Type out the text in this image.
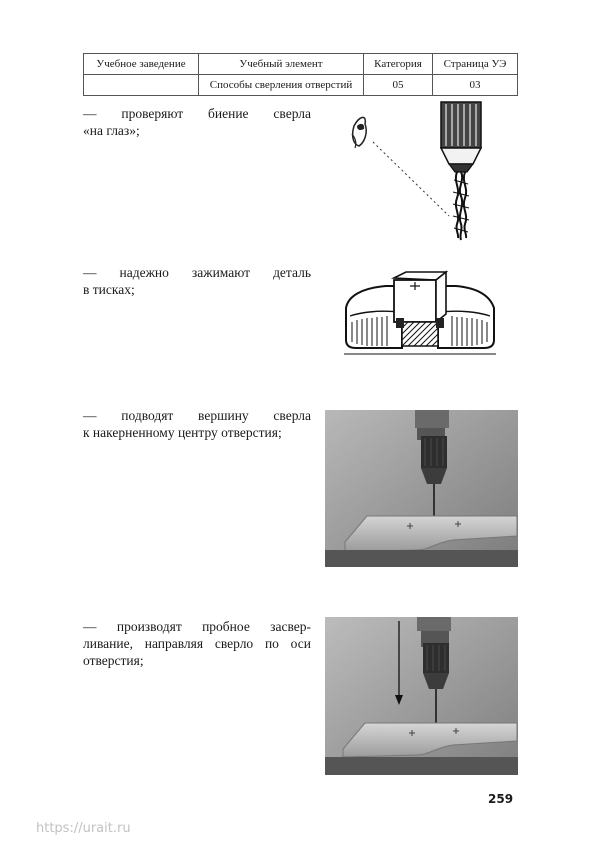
Учебное заведение	Учебный элемент	Категория	Страница УЭ
	Способы сверления отверстий	05	03

— проверяют биение сверла
«на глаз»;

— надежно зажимают деталь
в тисках;

— подводят вершину сверла
к накерненному центру отверстия;

— производят пробное засвер-
ливание, направляя сверло по оси
отверстия;

259
https://urait.ru
